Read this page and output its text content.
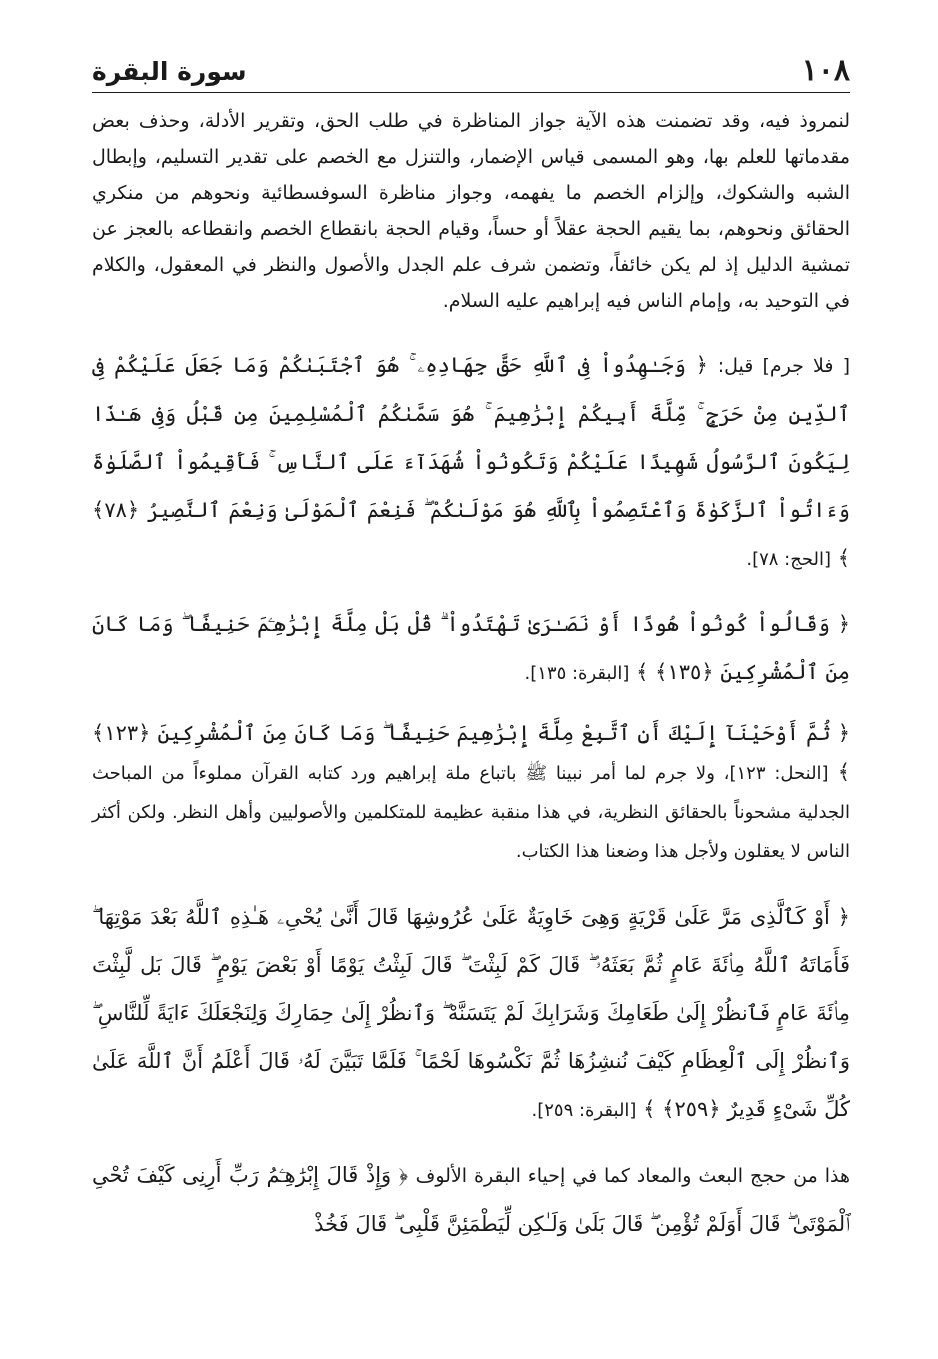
١٠٨
سورة البقرة

لنمروذ فيه، وقد تضمنت هذه الآية جواز المناظرة في طلب الحق، وتقرير الأدلة، وحذف بعض مقدماتها للعلم بها، وهو المسمى قياس الإضمار، والتنزل مع الخصم على تقدير التسليم، وإبطال الشبه والشكوك، وإلزام الخصم ما يفهمه، وجواز مناظرة السوفسطائية ونحوهم من منكري الحقائق ونحوهم، بما يقيم الحجة عقلاً أو حساً، وقيام الحجة بانقطاع الخصم وانقطاعه بالعجز عن تمشية الدليل إذ لم يكن خائفاً، وتضمن شرف علم الجدل والأصول والنظر في المعقول، والكلام في التوحيد به، وإمام الناس فيه إبراهيم عليه السلام.

[ فلا جرم] قيل: ﴿ وَجَـٰهِدُواْ فِى ٱللَّهِ حَقَّ جِهَادِهِۦ ۚ هُوَ ٱجْتَبَىٰكُمْ وَمَا جَعَلَ عَلَيْكُمْ فِى ٱلدِّينِ مِنْ حَرَجٍ ۚ مِّلَّةَ أَبِيكُمْ إِبْرَٰهِيمَ ۚ هُوَ سَمَّىٰكُمُ ٱلْمُسْلِمِينَ مِن قَبْلُ وَفِى هَـٰذَا لِيَكُونَ ٱلرَّسُولُ شَهِيدًا عَلَيْكُمْ وَتَكُونُواْ شُهَدَآءَ عَلَى ٱلنَّاسِ ۚ فَأَقِيمُواْ ٱلصَّلَوٰةَ وَءَاتُواْ ٱلزَّكَوٰةَ وَٱعْتَصِمُواْ بِٱللَّهِ هُوَ مَوْلَىٰكُمْ ۖ فَنِعْمَ ٱلْمَوْلَىٰ وَنِعْمَ ٱلنَّصِيرُ ﴿٧٨﴾ ﴾ [الحج: ٧٨].

﴿ وَقَالُواْ كُونُواْ هُودًا أَوْ نَصَـٰرَىٰ تَهْتَدُواْ ۗ قُلْ بَلْ مِلَّةَ إِبْرَٰهِـۧمَ حَنِيفًا ۖ وَمَا كَانَ مِنَ ٱلْمُشْرِكِينَ ﴿١٣٥﴾ ﴾ [البقرة: ١٣٥].

﴿ ثُمَّ أَوْحَيْنَآ إِلَيْكَ أَنِ ٱتَّبِعْ مِلَّةَ إِبْرَٰهِيمَ حَنِيفًا ۖ وَمَا كَانَ مِنَ ٱلْمُشْرِكِينَ ﴿١٢٣﴾ ﴾ [النحل: ١٢٣]، ولا جرم لما أمر نبينا ﷺ باتباع ملة إبراهيم ورد كتابه القرآن مملوءاً من المباحث الجدلية مشحوناً بالحقائق النظرية، في هذا منقبة عظيمة للمتكلمين والأصوليين وأهل النظر. ولكن أكثر الناس لا يعقلون ولأجل هذا وضعنا هذا الكتاب.

﴿ أَوْ كَٱلَّذِى مَرَّ عَلَىٰ قَرْيَةٍ وَهِىَ خَاوِيَةٌ عَلَىٰ عُرُوشِهَا قَالَ أَنَّىٰ يُحْىِۦ هَـٰذِهِ ٱللَّهُ بَعْدَ مَوْتِهَا ۖ فَأَمَاتَهُ ٱللَّهُ مِا۟ئَةَ عَامٍ ثُمَّ بَعَثَهُۥ ۖ قَالَ كَمْ لَبِثْتَ ۖ قَالَ لَبِثْتُ يَوْمًا أَوْ بَعْضَ يَوْمٍ ۖ قَالَ بَل لَّبِثْتَ مِا۟ئَةَ عَامٍ فَٱنظُرْ إِلَىٰ طَعَامِكَ وَشَرَابِكَ لَمْ يَتَسَنَّهْ ۖ وَٱنظُرْ إِلَىٰ حِمَارِكَ وَلِنَجْعَلَكَ ءَايَةً لِّلنَّاسِ ۖ وَٱنظُرْ إِلَى ٱلْعِظَامِ كَيْفَ نُنشِزُهَا ثُمَّ نَكْسُوهَا لَحْمًا ۚ فَلَمَّا تَبَيَّنَ لَهُۥ قَالَ أَعْلَمُ أَنَّ ٱللَّهَ عَلَىٰ كُلِّ شَىْءٍ قَدِيرٌ ﴿٢٥٩﴾ ﴾ [البقرة: ٢٥٩].

هذا من حجج البعث والمعاد كما في إحياء البقرة الألوف ﴿ وَإِذْ قَالَ إِبْرَٰهِـۧمُ رَبِّ أَرِنِى كَيْفَ تُحْىِ ٱلْمَوْتَىٰ ۖ قَالَ أَوَلَمْ تُؤْمِن ۖ قَالَ بَلَىٰ وَلَـٰكِن لِّيَطْمَئِنَّ قَلْبِى ۖ قَالَ فَخُذْ
